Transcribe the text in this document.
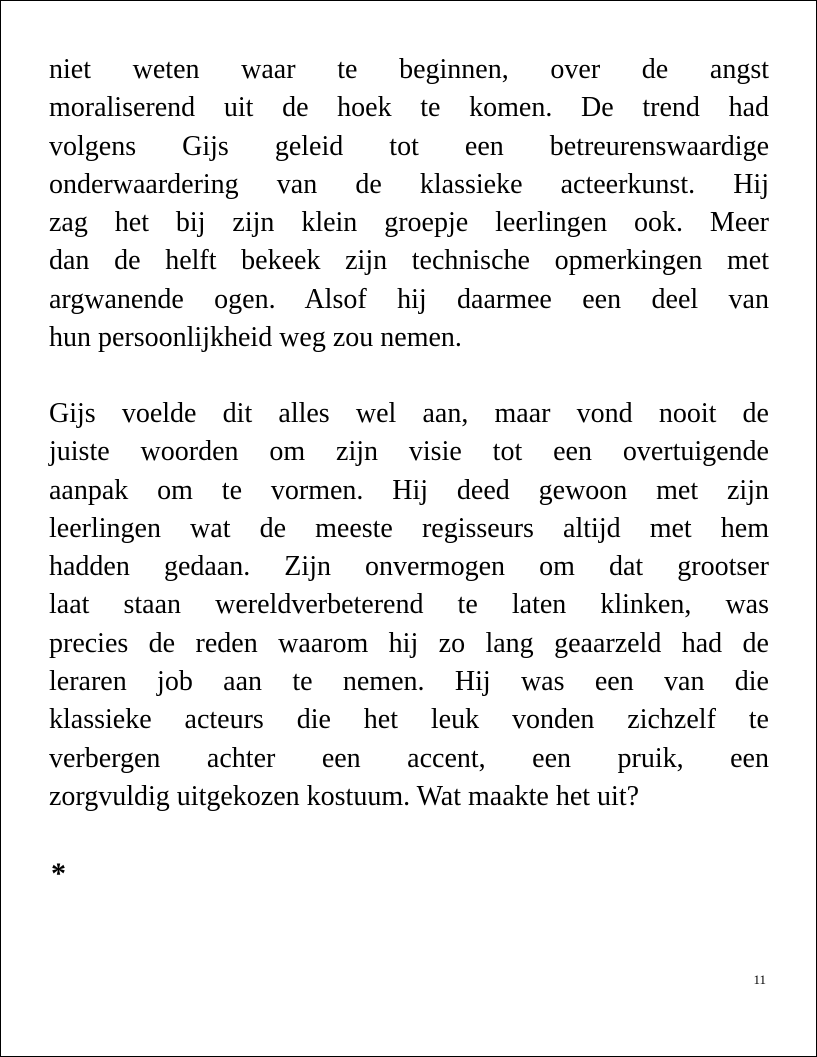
niet weten waar te beginnen, over de angst
moraliserend uit de hoek te komen. De trend had
volgens Gijs geleid tot een betreurenswaardige
onderwaardering van de klassieke acteerkunst. Hij
zag het bij zijn klein groepje leerlingen ook. Meer
dan de helft bekeek zijn technische opmerkingen met
argwanende ogen. Alsof hij daarmee een deel van
hun persoonlijkheid weg zou nemen.
Gijs voelde dit alles wel aan, maar vond nooit de
juiste woorden om zijn visie tot een overtuigende
aanpak om te vormen. Hij deed gewoon met zijn
leerlingen wat de meeste regisseurs altijd met hem
hadden gedaan. Zijn onvermogen om dat grootser
laat staan wereldverbeterend te laten klinken, was
precies de reden waarom hij zo lang geaarzeld had de
leraren job aan te nemen. Hij was een van die
klassieke acteurs die het leuk vonden zichzelf te
verbergen achter een accent, een pruik, een
zorgvuldig uitgekozen kostuum. Wat maakte het uit?
*
11
